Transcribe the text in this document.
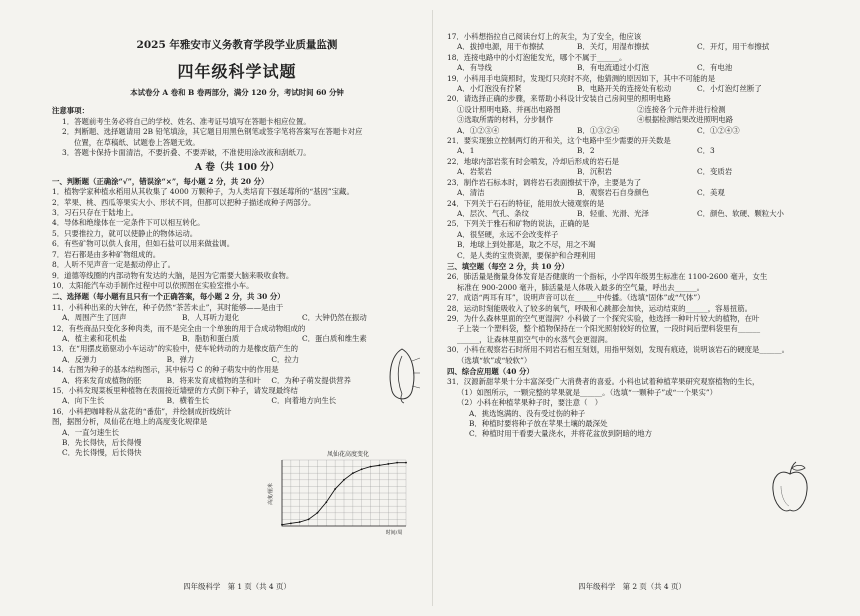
2025 年雅安市义务教育学段学业质量监测
四年级科学试题
本试卷分 A 卷和 B 卷两部分，满分 120 分，考试时间 60 分钟
注意事项：
1．答题前考生务必将自己的学校、姓名、准考证号填写在答题卡相应位置。
2．判断题、选择题请用 2B 铅笔填涂，其它题目用黑色钢笔或签字笔将答案写在答题卡对应
位置，在草稿纸、试题卷上答题无效。
3．答题卡保持卡面清洁，不要折叠、不要弄破，不准使用涂改液和刮纸刀。
A 卷（共 100 分）
一、判断题（正确涂“√”，错误涂“×”，每小题 2 分，共 20 分）
1．植物学家种植水稻用从其收集了 4000 万颗种子，为人类培育下强延莓所的“基因”宝藏。
2．苹果、桃、西瓜等果实大小、形状不同，但都可以把种子描述成种子两部分。
3．习石只存在于陆地上。
4．导体和绝缘体在一定条件下可以相互转化。
5．只要推拉力，就可以使静止的物体运动。
6．有些矿物可以供人食用，但如石盐可以用来做盐调。
7．岩石都是由多种矿物组成的。
8．人听不见声音一定是振动停止了。
9．道德等线圈的内部动物有发达的大脑，是因为它需要大脑来吸收食物。
10．太阳能汽车动手制作过程中可以依照图在实验室推小车。
二、选择题（每小题有且只有一个正确答案，每小题 2 分，共 30 分）
11．小科种出来的大钟在，种子仍然“茶苦未止”，其时能够——是由于
A．周围产生了回声	B．人耳听力退化	C．大钟仍然在振动
12．有些商品只变化多种肉类，而不是完全由一个单独的用于合成动物组成的
A．植主素和花机盐	B．脂肪和蛋白质	C．蛋白质和维生素
13．在“用摆皮筋驱动小车运动”的实验中，使车轮转动的力是橡皮筋产生的
A．反弹力	B．弹力	C．拉力
14．右图为种子的基本结构图示，其中标号 C 的种子萌发中的作用是
A．将来发育成植物的胚	B．将来发育成植物的茎和叶	C．为种子萌发提供营养
15．小科发现菜板里种植物在表面接近墙壁的方式倒下种子，请发现最终结
A．向下生长	B．横着生长	C．向着地方向生长
16．小科把咖啡粉从盆花的“番茄”，并绘制成折线统计
图，据图分析，凤仙花在地上的高度变化规律是
A．一直匀速生长
B．先长得快，后长得慢
C．先长得慢，后长得快	凤仙花高度变化
高度/厘米
时间/周
四年级科学　第 1 页（共 4 页）
17．小科想指拉自己阅读台灯上的灰尘，为了安全，他应该
A．拔掉电源，用干布擦拭	B．关灯，用湿布擦拭	C．开灯，用干布擦拭
18．连接电路中的小灯泡能发光，哪个不属于______。
A．有导线	B．有电流通过小灯泡	C．有电池
19．小科用手电筒照时，发现灯只亮时不亮，他猜测的原因如下，其中不可能的是
A．小灯泡没有拧紧	B．电路开关的连接处有松动	C．小灯泡灯丝断了
20．请选择正确的步骤，来帮助小科设计安装自己房间里的照明电路
①设计照明电路、并画出电路图	②连接各个元件并进行检测
③选取所需的材料，分步制作	④根据检测结果改进照明电路
A．①②③④	B．①③②④	C．①②④③
21．要实现独立控制两灯的开和关，这个电路中至少需要的开关数是
A．1	B．2	C．3
22．地球内部岩浆有时会喷发，冷却后形成的岩石是
A．岩浆岩	B．沉积岩	C．变质岩
23．制作岩石标本时，调将岩石表面擦拭干净，主要是为了
A．清洁	B．观察岩石自身颜色	C．美观
24．下列关于石石的特征，能用放大镜观察的是
A．层次、气孔、条纹	B．轻重、光滑、光泽	C．颜色、软硬、颗粒大小
25．下列关于雅石和矿物的说法，正确的是
A．很坚硬，永远不会改变样子
B．地球上到处都是，取之不尽，用之不竭
C．是人类的宝贵资源，要保护和合理利用
三、填空题（每空 2 分，共 10 分）
26．肺活量是衡量身体发育是否健康的一个指标，小学四年级男生标准在 1100-2600 毫升，女生
标准在 900-2000 毫升，肺活量是人体吸入最多的空气量，呼出去______。
27．成语“两耳有耳”，说明声音可以在______中传播。（选填“固体”或“气体”）
28．运动时刻能吸收入了较多的氧气，呼吸和心跳都会加快，运动结束的______，容易扭筋。
29．为什么森林里面的空气更湿润？小科做了一个探究实验，他选择一种叶片较大的植物，在叶
子上装一个塑料袋，整个植物保持在一个阳光照射较好的位置，一段时间后塑料袋里有______
______，让森林里面空气中的水蒸气会更湿润。
30．小科在观察岩石时所用不同岩石相互刻划，用指甲刻划，发现有痕迹，说明该岩石的硬度是______。
（选填“软”或“较软”）
四、综合应用题（40 分）
31．汉源新甜苹果十分丰富深受广大消费者的喜爱。小科也试着种植苹果研究观察植物的生长，
（1）如图所示，一颗完整的苹果就是______。（选填“一颗种子”或“一个果实”）
（2）小科在种植苹果种子时，要注意（　）
A．挑选饱满的、没有受过伤的种子
B．种植时要将种子放在苹果土壤的最深处
C．种植时用干看要大量浇水，并将花盆放到阴暗的地方
四年级科学　第 2 页（共 4 页）
